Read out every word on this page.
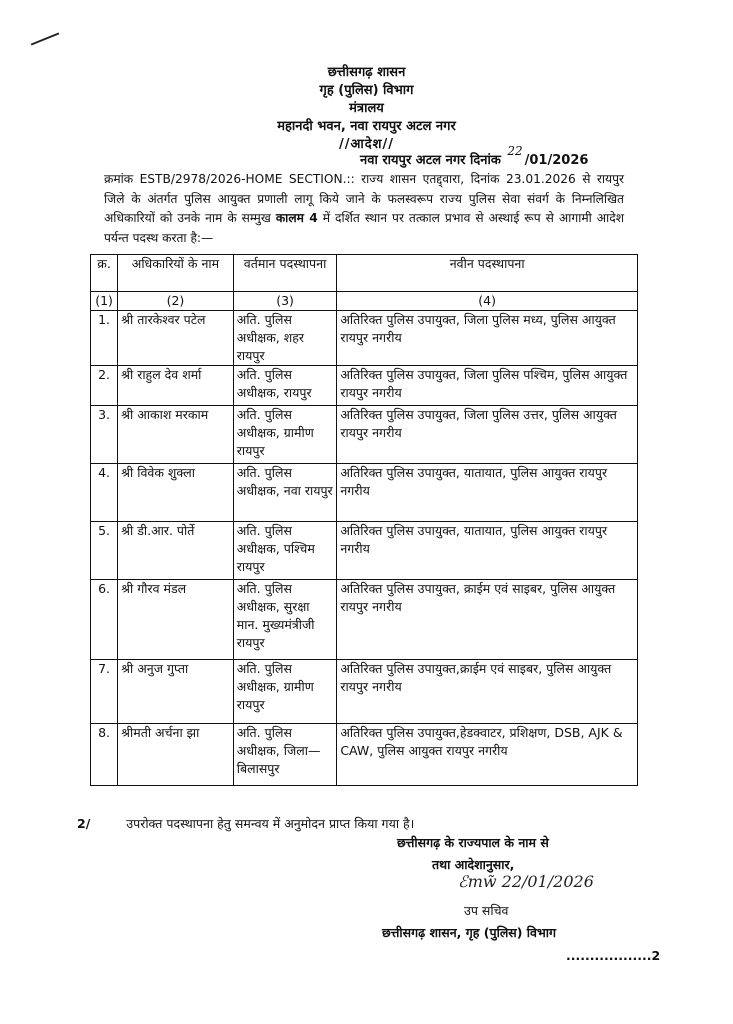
छत्तीसगढ़ शासन
गृह (पुलिस) विभाग
मंत्रालय
महानदी भवन, नवा रायपुर अटल नगर
//आदेश//
नवा रायपुर अटल नगर दिनांक 22/01/2026
क्रमांक ESTB/2978/2026-HOME SECTION.:: राज्य शासन एतद्द्वारा, दिनांक 23.01.2026 से रायपुर जिले के अंतर्गत पुलिस आयुक्त प्रणाली लागू किये जाने के फलस्वरूप राज्य पुलिस सेवा संवर्ग के निम्नलिखित अधिकारियों को उनके नाम के सम्मुख कालम 4 में दर्शित स्थान पर तत्काल प्रभाव से अस्थाई रूप से आगामी आदेश पर्यन्त पदस्थ करता है:—
क्र.	अधिकारियों के नाम	वर्तमान पदस्थापना	नवीन पदस्थापना
(1)	(2)	(3)	(4)
1.	श्री तारकेश्वर पटेल	अति. पुलिस अधीक्षक, शहर रायपुर	अतिरिक्त पुलिस उपायुक्त, जिला पुलिस मध्य, पुलिस आयुक्त रायपुर नगरीय
2.	श्री राहुल देव शर्मा	अति. पुलिस अधीक्षक, रायपुर	अतिरिक्त पुलिस उपायुक्त, जिला पुलिस पश्चिम, पुलिस आयुक्त रायपुर नगरीय
3.	श्री आकाश मरकाम	अति. पुलिस अधीक्षक, ग्रामीण रायपुर	अतिरिक्त पुलिस उपायुक्त, जिला पुलिस उत्तर, पुलिस आयुक्त रायपुर नगरीय
4.	श्री विवेक शुक्ला	अति. पुलिस अधीक्षक, नवा रायपुर	अतिरिक्त पुलिस उपायुक्त, यातायात, पुलिस आयुक्त रायपुर नगरीय
5.	श्री डी.आर. पोर्ते	अति. पुलिस अधीक्षक, पश्चिम रायपुर	अतिरिक्त पुलिस उपायुक्त, यातायात, पुलिस आयुक्त रायपुर नगरीय
6.	श्री गौरव मंडल	अति. पुलिस अधीक्षक, सुरक्षा मान. मुख्यमंत्रीजी रायपुर	अतिरिक्त पुलिस उपायुक्त, क्राईम एवं साइबर, पुलिस आयुक्त रायपुर नगरीय
7.	श्री अनुज गुप्ता	अति. पुलिस अधीक्षक, ग्रामीण रायपुर	अतिरिक्त पुलिस उपायुक्त,क्राईम एवं साइबर, पुलिस आयुक्त रायपुर नगरीय
8.	श्रीमती अर्चना झा	अति. पुलिस अधीक्षक, जिला—बिलासपुर	अतिरिक्त पुलिस उपायुक्त,हेडक्वाटर, प्रशिक्षण, DSB, AJK & CAW, पुलिस आयुक्त रायपुर नगरीय
2/	उपरोक्त पदस्थापना हेतु समन्वय में अनुमोदन प्राप्त किया गया है।
छत्तीसगढ़ के राज्यपाल के नाम से
तथा आदेशानुसार,
ℰmw̃ 22/01/2026
उप सचिव
छत्तीसगढ़ शासन, गृह (पुलिस) विभाग
..................2
